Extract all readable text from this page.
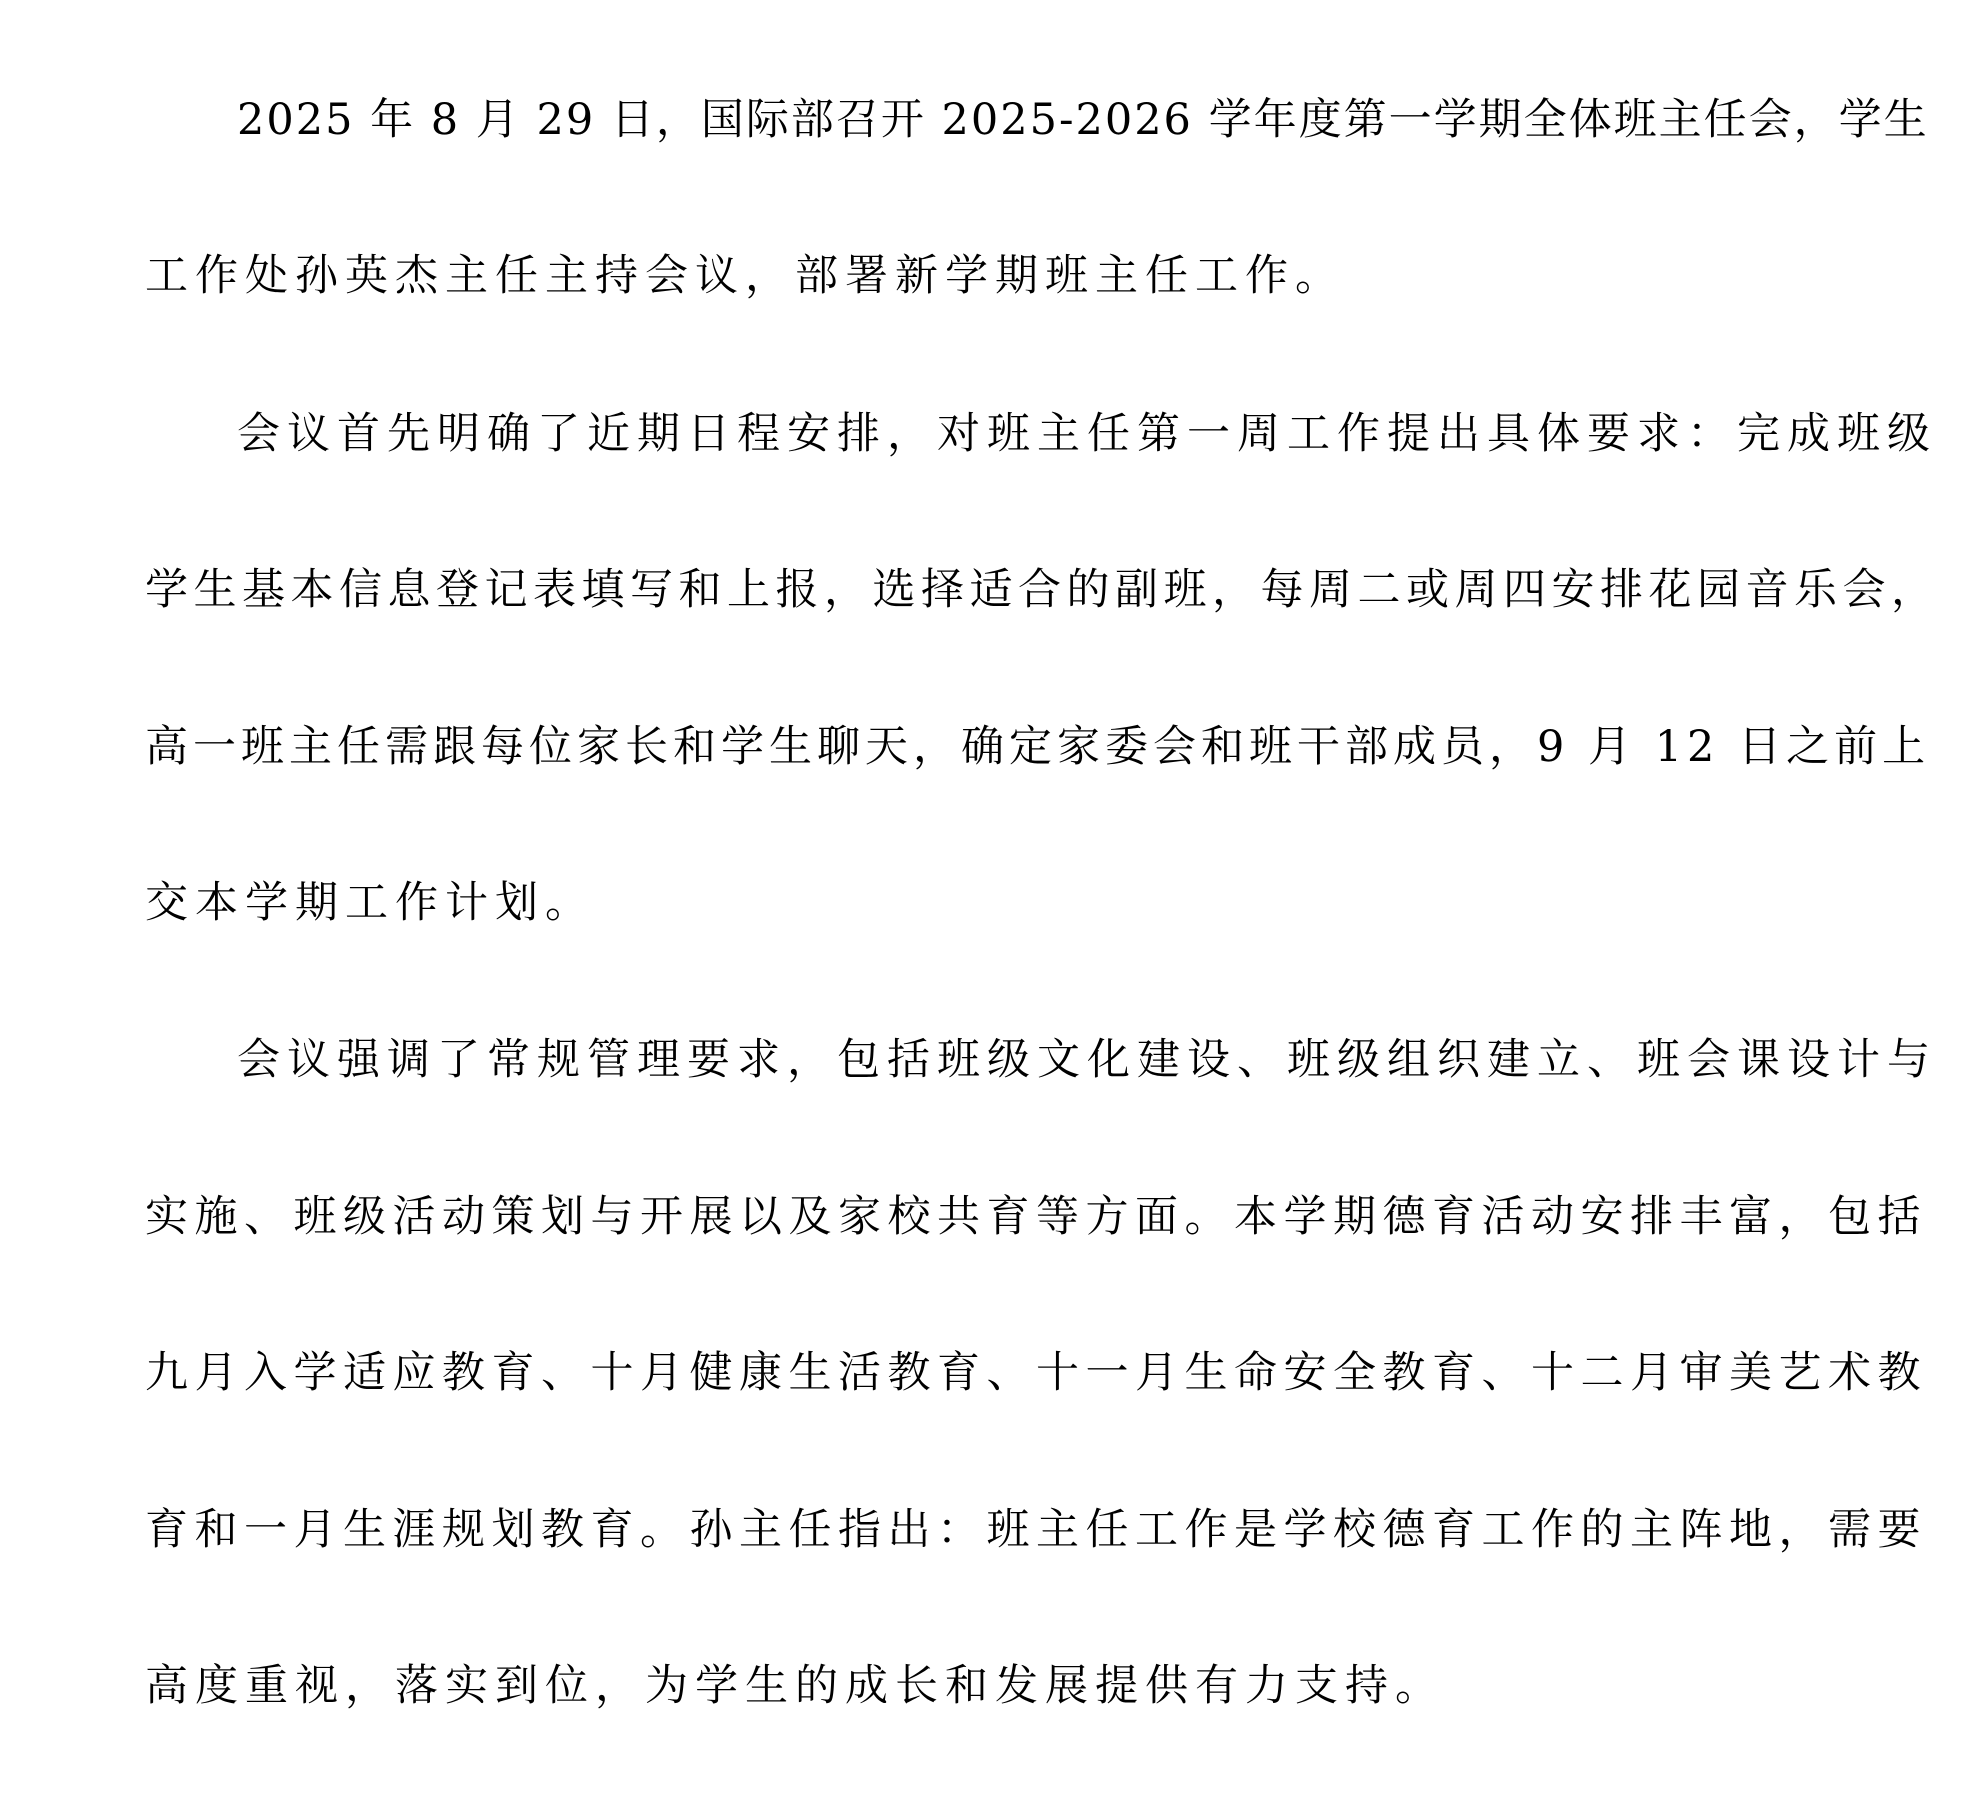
2025 年 8 月 29 日，国际部召开 2025-2026 学年度第一学期全体班主任会，学生

工作处孙英杰主任主持会议，部署新学期班主任工作。

会议首先明确了近期日程安排，对班主任第一周工作提出具体要求：完成班级

学生基本信息登记表填写和上报，选择适合的副班，每周二或周四安排花园音乐会，

高一班主任需跟每位家长和学生聊天，确定家委会和班干部成员，9 月 12 日之前上

交本学期工作计划。

会议强调了常规管理要求，包括班级文化建设、班级组织建立、班会课设计与

实施、班级活动策划与开展以及家校共育等方面。本学期德育活动安排丰富，包括

九月入学适应教育、十月健康生活教育、十一月生命安全教育、十二月审美艺术教

育和一月生涯规划教育。孙主任指出：班主任工作是学校德育工作的主阵地，需要

高度重视，落实到位，为学生的成长和发展提供有力支持。
